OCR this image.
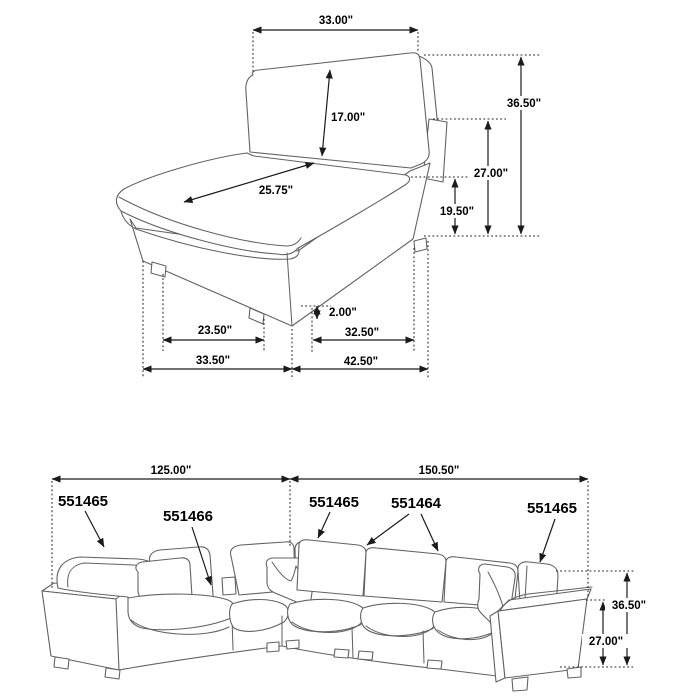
33.00"
17.00"
25.75"
36.50"
27.00"
19.50"
2.00"
23.50"	32.50"
33.50"	42.50"
125.00"	150.50"
36.50"
27.00"
551465
551466
551465 551464	551465
